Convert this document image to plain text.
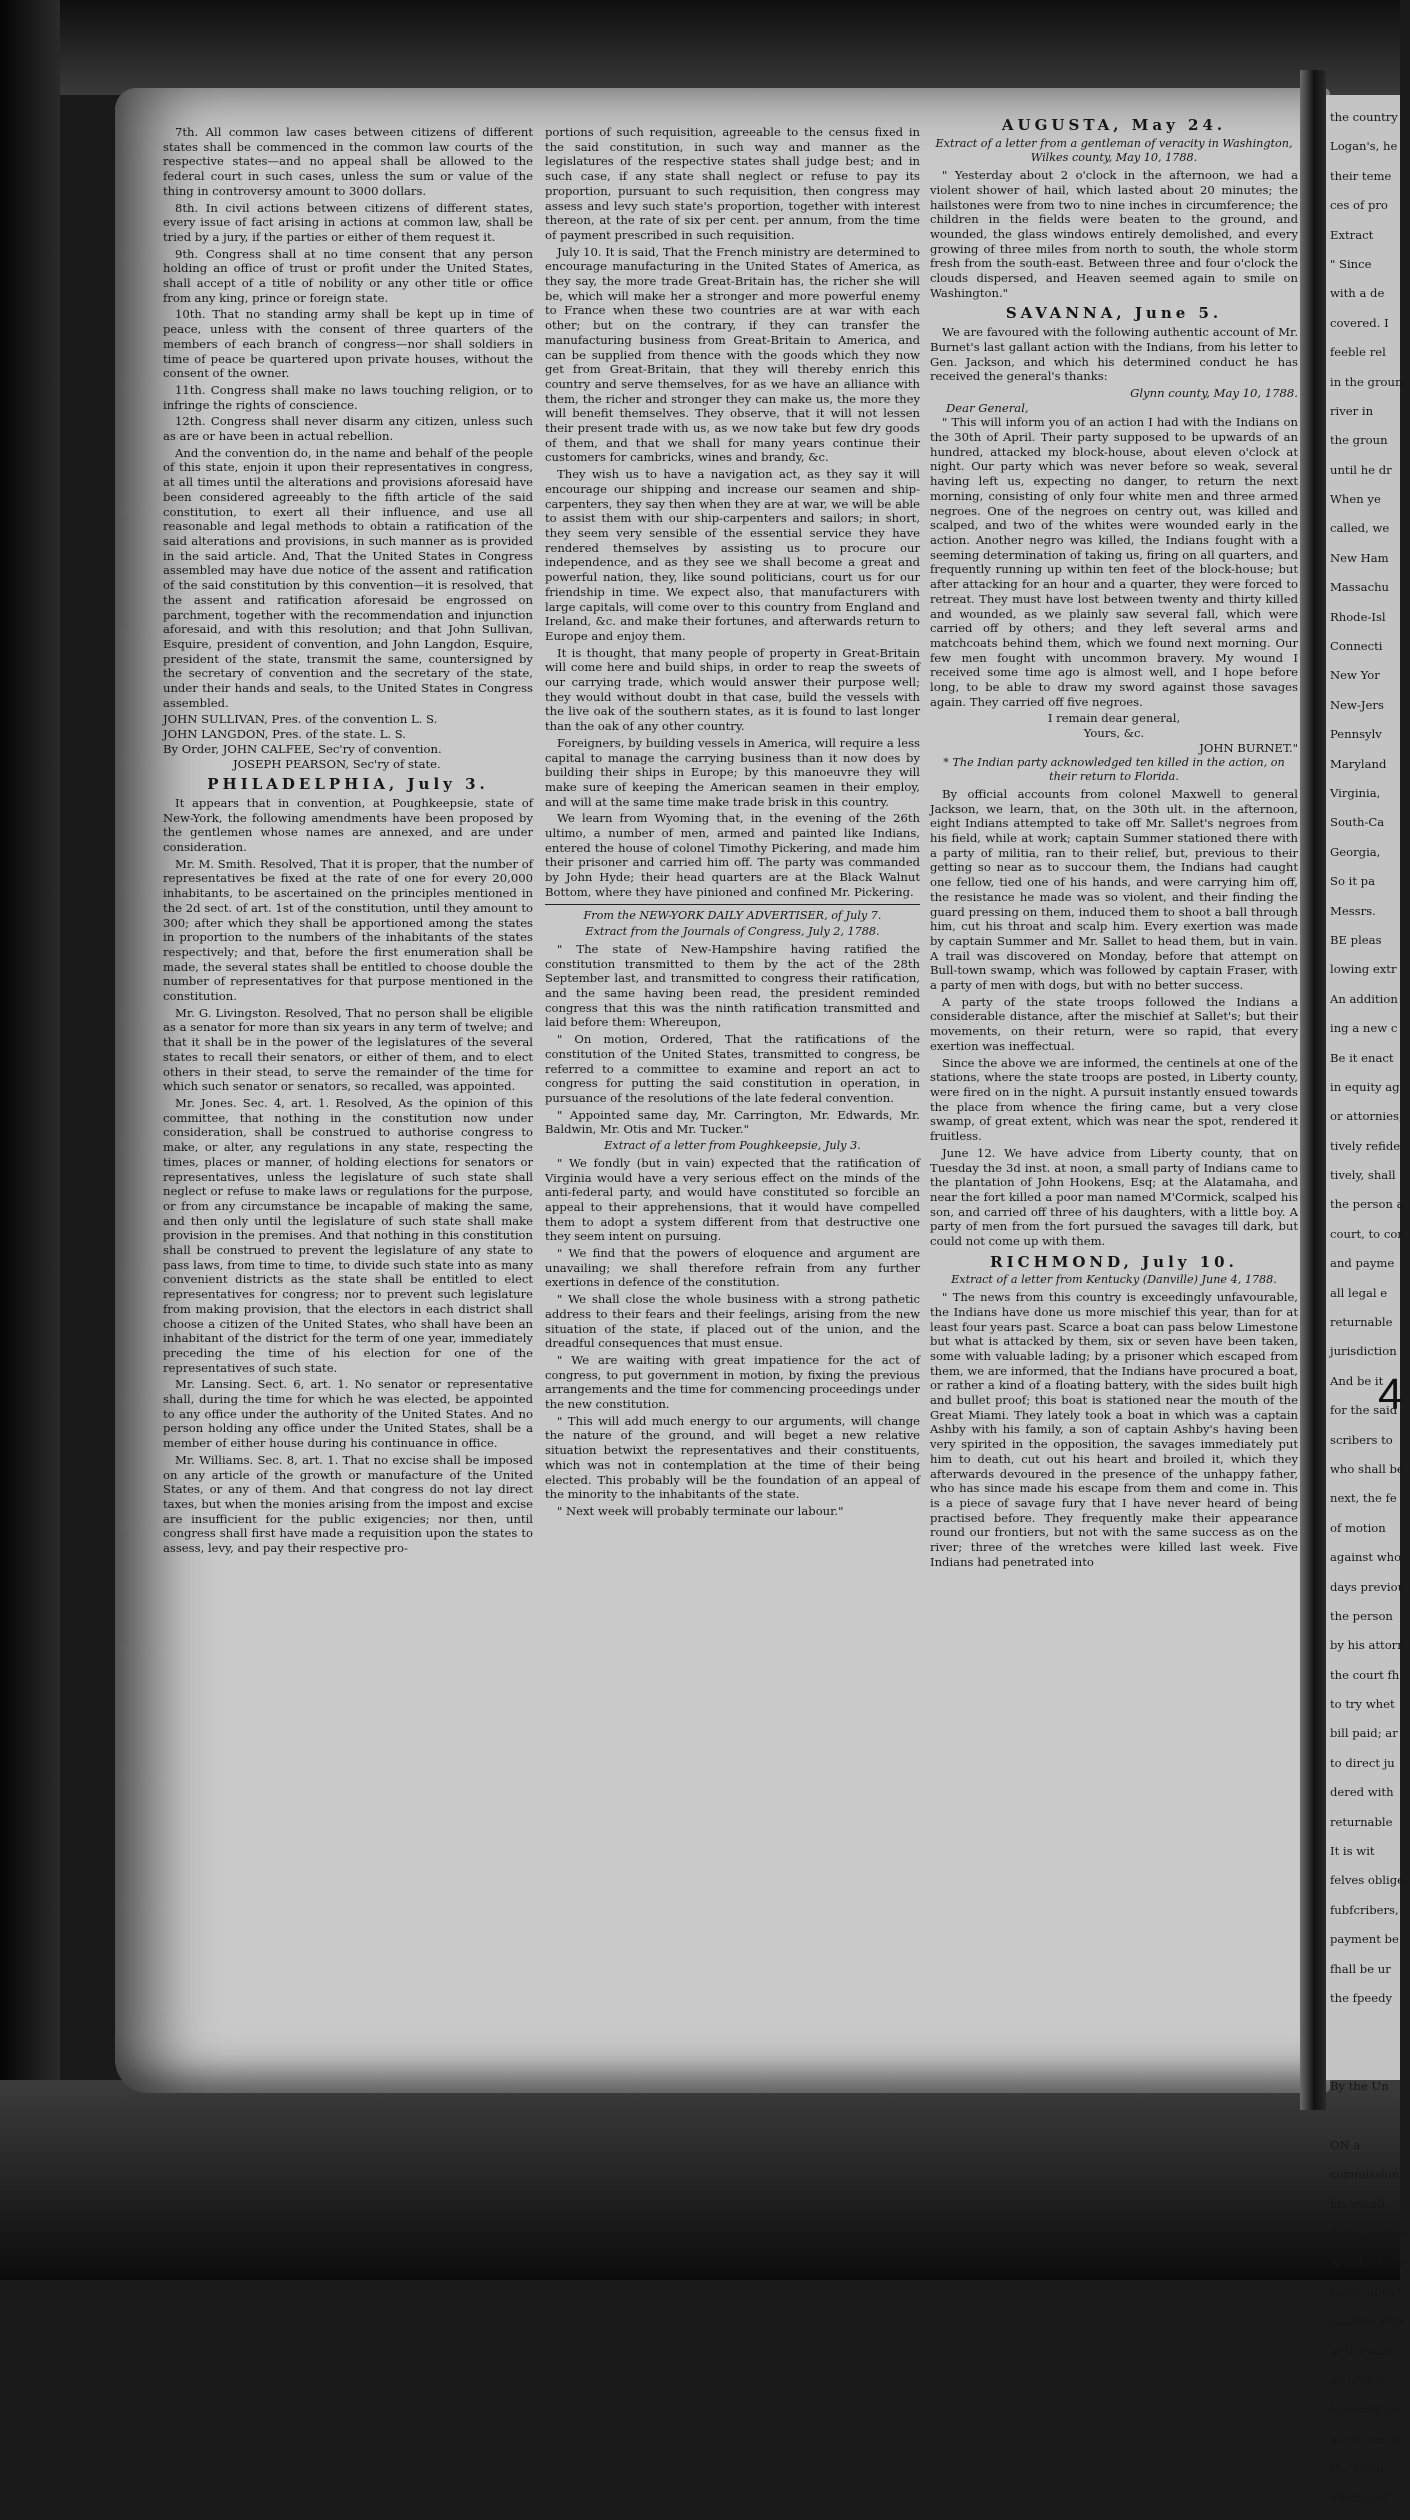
7th. All common law cases between citizens of different states shall be commenced in the common law courts of the respective states—and no appeal shall be allowed to the federal court in such cases, unless the sum or value of the thing in controversy amount to 3000 dollars.

8th. In civil actions between citizens of different states, every issue of fact arising in actions at common law, shall be tried by a jury, if the parties or either of them request it.

9th. Congress shall at no time consent that any person holding an office of trust or profit under the United States, shall accept of a title of nobility or any other title or office from any king, prince or foreign state.

10th. That no standing army shall be kept up in time of peace, unless with the consent of three quarters of the members of each branch of congress—nor shall soldiers in time of peace be quartered upon private houses, without the consent of the owner.

11th. Congress shall make no laws touching religion, or to infringe the rights of conscience.

12th. Congress shall never disarm any citizen, unless such as are or have been in actual rebellion.

And the convention do, in the name and behalf of the people of this state, enjoin it upon their representatives in congress, at all times until the alterations and provisions aforesaid have been considered agreeably to the fifth article of the said constitution, to exert all their influence, and use all reasonable and legal methods to obtain a ratification of the said alterations and provisions, in such manner as is provided in the said article. And, That the United States in Congress assembled may have due notice of the assent and ratification of the said constitution by this convention—it is resolved, that the assent and ratification aforesaid be engrossed on parchment, together with the recommendation and injunction aforesaid, and with this resolution; and that John Sullivan, Esquire, president of convention, and John Langdon, Esquire, president of the state, transmit the same, countersigned by the secretary of convention and the secretary of the state, under their hands and seals, to the United States in Congress assembled.

JOHN SULLIVAN, Pres. of the convention L. S.

JOHN LANGDON, Pres. of the state. L. S.

By Order, JOHN CALFEE, Sec'ry of convention.

JOSEPH PEARSON, Sec'ry of state.

PHILADELPHIA, July 3.

It appears that in convention, at Poughkeepsie, state of New-York, the following amendments have been proposed by the gentlemen whose names are annexed, and are under consideration.

Mr. M. Smith. Resolved, That it is proper, that the number of representatives be fixed at the rate of one for every 20,000 inhabitants, to be ascertained on the principles mentioned in the 2d sect. of art. 1st of the constitution, until they amount to 300; after which they shall be apportioned among the states in proportion to the numbers of the inhabitants of the states respectively; and that, before the first enumeration shall be made, the several states shall be entitled to choose double the number of representatives for that purpose mentioned in the constitution.

Mr. G. Livingston. Resolved, That no person shall be eligible as a senator for more than six years in any term of twelve; and that it shall be in the power of the legislatures of the several states to recall their senators, or either of them, and to elect others in their stead, to serve the remainder of the time for which such senator or senators, so recalled, was appointed.

Mr. Jones. Sec. 4, art. 1. Resolved, As the opinion of this committee, that nothing in the constitution now under consideration, shall be construed to authorise congress to make, or alter, any regulations in any state, respecting the times, places or manner, of holding elections for senators or representatives, unless the legislature of such state shall neglect or refuse to make laws or regulations for the purpose, or from any circumstance be incapable of making the same, and then only until the legislature of such state shall make provision in the premises. And that nothing in this constitution shall be construed to prevent the legislature of any state to pass laws, from time to time, to divide such state into as many convenient districts as the state shall be entitled to elect representatives for congress; nor to prevent such legislature from making provision, that the electors in each district shall choose a citizen of the United States, who shall have been an inhabitant of the district for the term of one year, immediately preceding the time of his election for one of the representatives of such state.

Mr. Lansing. Sect. 6, art. 1. No senator or representative shall, during the time for which he was elected, be appointed to any office under the authority of the United States. And no person holding any office under the United States, shall be a member of either house during his continuance in office.

Mr. Williams. Sec. 8, art. 1. That no excise shall be imposed on any article of the growth or manufacture of the United States, or any of them. And that congress do not lay direct taxes, but when the monies arising from the impost and excise are insufficient for the public exigencies; nor then, until congress shall first have made a requisition upon the states to assess, levy, and pay their respective pro-

portions of such requisition, agreeable to the census fixed in the said constitution, in such way and manner as the legislatures of the respective states shall judge best; and in such case, if any state shall neglect or refuse to pay its proportion, pursuant to such requisition, then congress may assess and levy such state's proportion, together with interest thereon, at the rate of six per cent. per annum, from the time of payment prescribed in such requisition.

July 10. It is said, That the French ministry are determined to encourage manufacturing in the United States of America, as they say, the more trade Great-Britain has, the richer she will be, which will make her a stronger and more powerful enemy to France when these two countries are at war with each other; but on the contrary, if they can transfer the manufacturing business from Great-Britain to America, and can be supplied from thence with the goods which they now get from Great-Britain, that they will thereby enrich this country and serve themselves, for as we have an alliance with them, the richer and stronger they can make us, the more they will benefit themselves. They observe, that it will not lessen their present trade with us, as we now take but few dry goods of them, and that we shall for many years continue their customers for cambricks, wines and brandy, &c.

They wish us to have a navigation act, as they say it will encourage our shipping and increase our seamen and ship-carpenters, they say then when they are at war, we will be able to assist them with our ship-carpenters and sailors; in short, they seem very sensible of the essential service they have rendered themselves by assisting us to procure our independence, and as they see we shall become a great and powerful nation, they, like sound politicians, court us for our friendship in time. We expect also, that manufacturers with large capitals, will come over to this country from England and Ireland, &c. and make their fortunes, and afterwards return to Europe and enjoy them.

It is thought, that many people of property in Great-Britain will come here and build ships, in order to reap the sweets of our carrying trade, which would answer their purpose well; they would without doubt in that case, build the vessels with the live oak of the southern states, as it is found to last longer than the oak of any other country.

Foreigners, by building vessels in America, will require a less capital to manage the carrying business than it now does by building their ships in Europe; by this manoeuvre they will make sure of keeping the American seamen in their employ, and will at the same time make trade brisk in this country.

We learn from Wyoming that, in the evening of the 26th ultimo, a number of men, armed and painted like Indians, entered the house of colonel Timothy Pickering, and made him their prisoner and carried him off. The party was commanded by John Hyde; their head quarters are at the Black Walnut Bottom, where they have pinioned and confined Mr. Pickering.

From the NEW-YORK DAILY ADVERTISER, of July 7.

Extract from the Journals of Congress, July 2, 1788.

" The state of New-Hampshire having ratified the constitution transmitted to them by the act of the 28th September last, and transmitted to congress their ratification, and the same having been read, the president reminded congress that this was the ninth ratification transmitted and laid before them: Whereupon,

" On motion, Ordered, That the ratifications of the constitution of the United States, transmitted to congress, be referred to a committee to examine and report an act to congress for putting the said constitution in operation, in pursuance of the resolutions of the late federal convention.

" Appointed same day, Mr. Carrington, Mr. Edwards, Mr. Baldwin, Mr. Otis and Mr. Tucker."

Extract of a letter from Poughkeepsie, July 3.

" We fondly (but in vain) expected that the ratification of Virginia would have a very serious effect on the minds of the anti-federal party, and would have constituted so forcible an appeal to their apprehensions, that it would have compelled them to adopt a system different from that destructive one they seem intent on pursuing.

" We find that the powers of eloquence and argument are unavailing; we shall therefore refrain from any further exertions in defence of the constitution.

" We shall close the whole business with a strong pathetic address to their fears and their feelings, arising from the new situation of the state, if placed out of the union, and the dreadful consequences that must ensue.

" We are waiting with great impatience for the act of congress, to put government in motion, by fixing the previous arrangements and the time for commencing proceedings under the new constitution.

" This will add much energy to our arguments, will change the nature of the ground, and will beget a new relative situation betwixt the representatives and their constituents, which was not in contemplation at the time of their being elected. This probably will be the foundation of an appeal of the minority to the inhabitants of the state.

" Next week will probably terminate our labour."

AUGUSTA, May 24.

Extract of a letter from a gentleman of veracity in Washington, Wilkes county, May 10, 1788.

" Yesterday about 2 o'clock in the afternoon, we had a violent shower of hail, which lasted about 20 minutes; the hailstones were from two to nine inches in circumference; the children in the fields were beaten to the ground, and wounded, the glass windows entirely demolished, and every growing of three miles from north to south, the whole storm fresh from the south-east. Between three and four o'clock the clouds dispersed, and Heaven seemed again to smile on Washington."

SAVANNA, June 5.

We are favoured with the following authentic account of Mr. Burnet's last gallant action with the Indians, from his letter to Gen. Jackson, and which his determined conduct he has received the general's thanks:

Glynn county, May 10, 1788.

Dear General,

" This will inform you of an action I had with the Indians on the 30th of April. Their party supposed to be upwards of an hundred, attacked my block-house, about eleven o'clock at night. Our party which was never before so weak, several having left us, expecting no danger, to return the next morning, consisting of only four white men and three armed negroes. One of the negroes on centry out, was killed and scalped, and two of the whites were wounded early in the action. Another negro was killed, the Indians fought with a seeming determination of taking us, firing on all quarters, and frequently running up within ten feet of the block-house; but after attacking for an hour and a quarter, they were forced to retreat. They must have lost between twenty and thirty killed and wounded, as we plainly saw several fall, which were carried off by others; and they left several arms and matchcoats behind them, which we found next morning. Our few men fought with uncommon bravery. My wound I received some time ago is almost well, and I hope before long, to be able to draw my sword against those savages again. They carried off five negroes.

I remain dear general,

Yours, &c.

JOHN BURNET."

* The Indian party acknowledged ten killed in the action, on their return to Florida.

By official accounts from colonel Maxwell to general Jackson, we learn, that, on the 30th ult. in the afternoon, eight Indians attempted to take off Mr. Sallet's negroes from his field, while at work; captain Summer stationed there with a party of militia, ran to their relief, but, previous to their getting so near as to succour them, the Indians had caught one fellow, tied one of his hands, and were carrying him off, the resistance he made was so violent, and their finding the guard pressing on them, induced them to shoot a ball through him, cut his throat and scalp him. Every exertion was made by captain Summer and Mr. Sallet to head them, but in vain. A trail was discovered on Monday, before that attempt on Bull-town swamp, which was followed by captain Fraser, with a party of men with dogs, but with no better success.

A party of the state troops followed the Indians a considerable distance, after the mischief at Sallet's; but their movements, on their return, were so rapid, that every exertion was ineffectual.

Since the above we are informed, the centinels at one of the stations, where the state troops are posted, in Liberty county, were fired on in the night. A pursuit instantly ensued towards the place from whence the firing came, but a very close swamp, of great extent, which was near the spot, rendered it fruitless.

June 12. We have advice from Liberty county, that on Tuesday the 3d inst. at noon, a small party of Indians came to the plantation of John Hookens, Esq; at the Alatamaha, and near the fort killed a poor man named M'Cormick, scalped his son, and carried off three of his daughters, with a little boy. A party of men from the fort pursued the savages till dark, but could not come up with them.

RICHMOND, July 10.

Extract of a letter from Kentucky (Danville) June 4, 1788.

" The news from this country is exceedingly unfavourable, the Indians have done us more mischief this year, than for at least four years past. Scarce a boat can pass below Limestone but what is attacked by them, six or seven have been taken, some with valuable lading; by a prisoner which escaped from them, we are informed, that the Indians have procured a boat, or rather a kind of a floating battery, with the sides built high and bullet proof; this boat is stationed near the mouth of the Great Miami. They lately took a boat in which was a captain Ashby with his family, a son of captain Ashby's having been very spirited in the opposition, the savages immediately put him to death, cut out his heart and broiled it, which they afterwards devoured in the presence of the unhappy father, who has since made his escape from them and come in. This is a piece of savage fury that I have never heard of being practised before. They frequently make their appearance round our frontiers, but not with the same success as on the river; three of the wretches were killed last week. Five Indians had penetrated into

the country
Logan's, he
their teme
ces of pro
Extract
" Since
with a de
covered. I
feeble rel
in the groun
river in
the groun
until he dr
When ye
called, we
New Ham
Massachu
Rhode-Isl
Connecti
New Yor
New-Jers
Pennsylv
Maryland
Virginia,
South-Ca
Georgia,
So it pa
Messrs.
BE pleas
lowing extr
An addition
ing a new c
Be it enact
in equity ag
or attornies,
tively refide
tively, shall
the person a
court, to con
and payme
all legal e
returnable
jurisdiction
And be it
for the said
scribers to
who shall be
next, the fe
of motion
against who
days previou
the person
by his attorn
the court fh
to try whet
bill paid; ar
to direct ju
dered with
returnable
It is wit
felves oblige
fubfcribers,
payment be
fhall be ur
the fpeedy
By the Un
ON a
commission
his excell
dated on the
Resolved, Th
rance of th
members be
in the said
on of the
transmit to
missioner o
the ordin
additional
4
